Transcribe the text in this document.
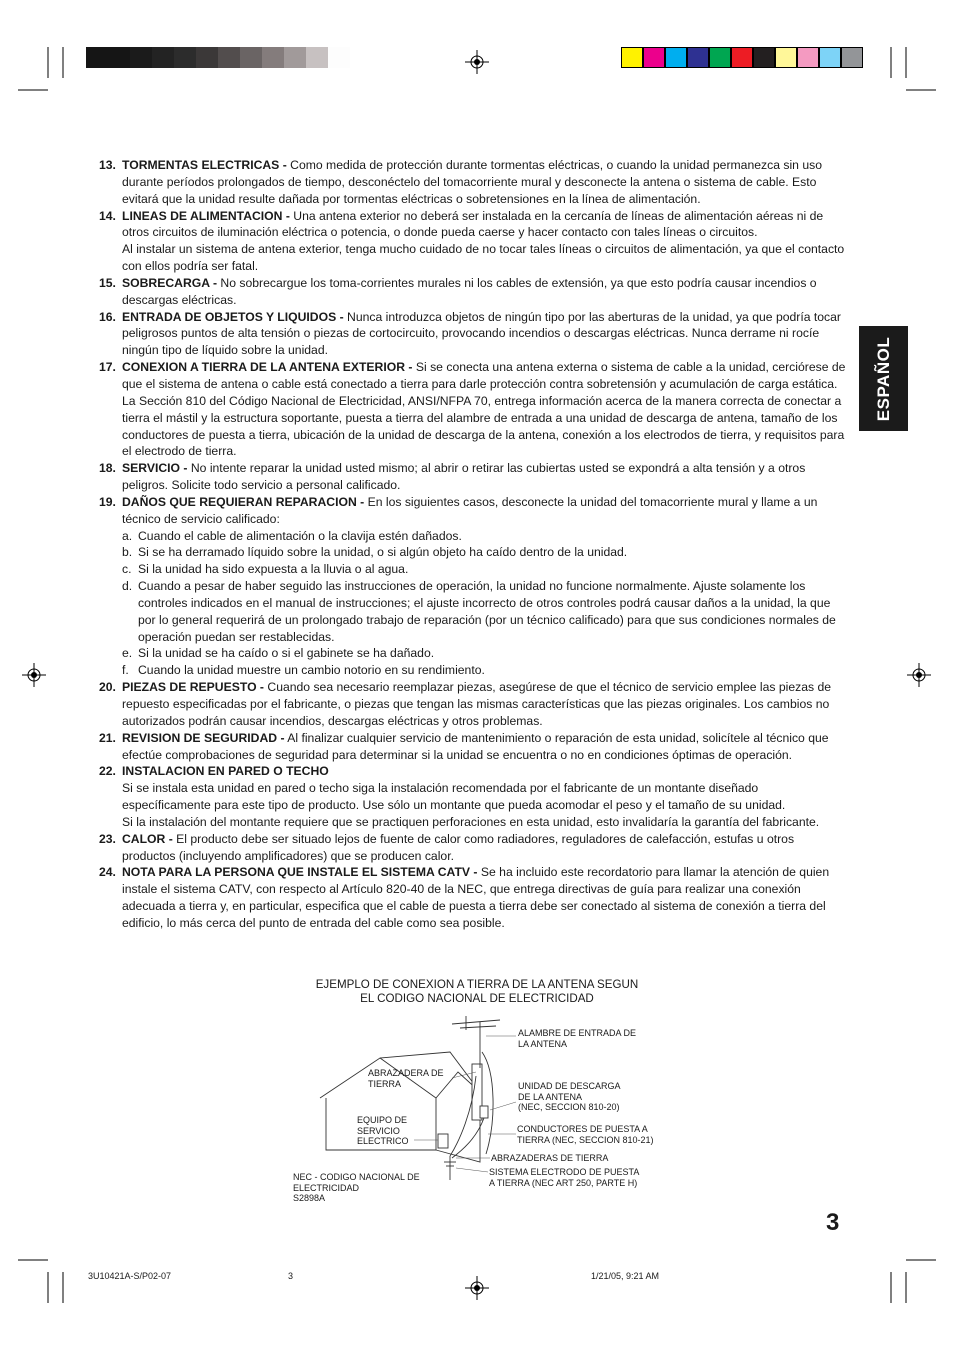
ESPAÑOL
13. TORMENTAS ELECTRICAS - Como medida de protección durante tormentas eléctricas, o cuando la unidad permanezca sin uso durante períodos prolongados de tiempo, desconéctelo del tomacorriente mural y desconecte la antena o sistema de cable. Esto evitará que la unidad resulte dañada por tormentas eléctricas o sobretensiones en la línea de alimentación.
14. LINEAS DE ALIMENTACION - Una antena exterior no deberá ser instalada en la cercanía de líneas de alimentación aéreas ni de otros circuitos de iluminación eléctrica o potencia, o donde pueda caerse y hacer contacto con tales líneas o circuitos.
Al instalar un sistema de antena exterior, tenga mucho cuidado de no tocar tales líneas o circuitos de alimentación, ya que el contacto con ellos podría ser fatal.
15. SOBRECARGA - No sobrecargue los toma-corrientes murales ni los cables de extensión, ya que esto podría causar incendios o descargas eléctricas.
16. ENTRADA DE OBJETOS Y LIQUIDOS - Nunca introduzca objetos de ningún tipo por las aberturas de la unidad, ya que podría tocar peligrosos puntos de alta tensión o piezas de cortocircuito, provocando incendios o descargas eléctricas. Nunca derrame ni rocíe ningún tipo de líquido sobre la unidad.
17. CONEXION A TIERRA DE LA ANTENA EXTERIOR - Si se conecta una antena externa o sistema de cable a la unidad, cerciórese de que el sistema de antena o cable está conectado a tierra para darle protección contra sobretensión y acumulación de carga estática. La Sección 810 del Código Nacional de Electricidad, ANSI/NFPA 70, entrega información acerca de la manera correcta de conectar a tierra el mástil y la estructura soportante, puesta a tierra del alambre de entrada a una unidad de descarga de antena, tamaño de los conductores de puesta a tierra, ubicación de la unidad de descarga de la antena, conexión a los electrodos de tierra, y requisitos para el electrodo de tierra.
18. SERVICIO - No intente reparar la unidad usted mismo; al abrir o retirar las cubiertas usted se expondrá a alta tensión y a otros peligros. Solicite todo servicio a personal calificado.
19. DAÑOS QUE REQUIERAN REPARACION - En los siguientes casos, desconecte la unidad del tomacorriente mural y llame a un técnico de servicio calificado:
a. Cuando el cable de alimentación o la clavija estén dañados.
b. Si se ha derramado líquido sobre la unidad, o si algún objeto ha caído dentro de la unidad.
c. Si la unidad ha sido expuesta a la lluvia o al agua.
d. Cuando a pesar de haber seguido las instrucciones de operación, la unidad no funcione normalmente. Ajuste solamente los controles indicados en el manual de instrucciones; el ajuste incorrecto de otros controles podrá causar daños a la unidad, la que por lo general requerirá de un prolongado trabajo de reparación (por un técnico calificado) para que sus condiciones normales de operación puedan ser restablecidas.
e. Si la unidad se ha caído o si el gabinete se ha dañado.
f. Cuando la unidad muestre un cambio notorio en su rendimiento.
20. PIEZAS DE REPUESTO - Cuando sea necesario reemplazar piezas, asegúrese de que el técnico de servicio emplee las piezas de repuesto especificadas por el fabricante, o piezas que tengan las mismas características que las piezas originales. Los cambios no autorizados podrán causar incendios, descargas eléctricas y otros problemas.
21. REVISION DE SEGURIDAD - Al finalizar cualquier servicio de mantenimiento o reparación de esta unidad, solicítele al técnico que efectúe comprobaciones de seguridad para determinar si la unidad se encuentra o no en condiciones óptimas de operación.
22. INSTALACION EN PARED O TECHO
Si se instala esta unidad en pared o techo siga la instalación recomendada por el fabricante de un montante diseñado específicamente para este tipo de producto. Use sólo un montante que pueda acomodar el peso y el tamaño de su unidad.
Si la instalación del montante requiere que se practiquen perforaciones en esta unidad, esto invalidaría la garantía del fabricante.
23. CALOR - El producto debe ser situado lejos de fuente de calor como radiadores, reguladores de calefacción, estufas u otros productos (incluyendo amplificadores) que se producen calor.
24. NOTA PARA LA PERSONA QUE INSTALE EL SISTEMA CATV - Se ha incluido este recordatorio para llamar la atención de quien instale el sistema CATV, con respecto al Artículo 820-40 de la NEC, que entrega directivas de guía para realizar una conexión adecuada a tierra y, en particular, especifica que el cable de puesta a tierra debe ser conectado al sistema de conexión a tierra del edificio, lo más cerca del punto de entrada del cable como sea posible.
EJEMPLO DE CONEXION A TIERRA DE LA ANTENA SEGUN
EL CODIGO NACIONAL DE ELECTRICIDAD
ALAMBRE DE ENTRADA DE
LA ANTENA
ABRAZADERA DE
TIERRA	UNIDAD DE DESCARGA
DE LA ANTENA
(NEC, SECCION 810-20)
EQUIPO DE
SERVICIO
ELECTRICO
CONDUCTORES DE PUESTA A
TIERRA (NEC, SECCION 810-21)
ABRAZADERAS DE TIERRA
NEC - CODIGO NACIONAL DE
ELECTRICIDAD
S2898A
SISTEMA ELECTRODO DE PUESTA
A TIERRA (NEC ART 250, PARTE H)
3
3U10421A-S/P02-07	3	1/21/05, 9:21 AM
